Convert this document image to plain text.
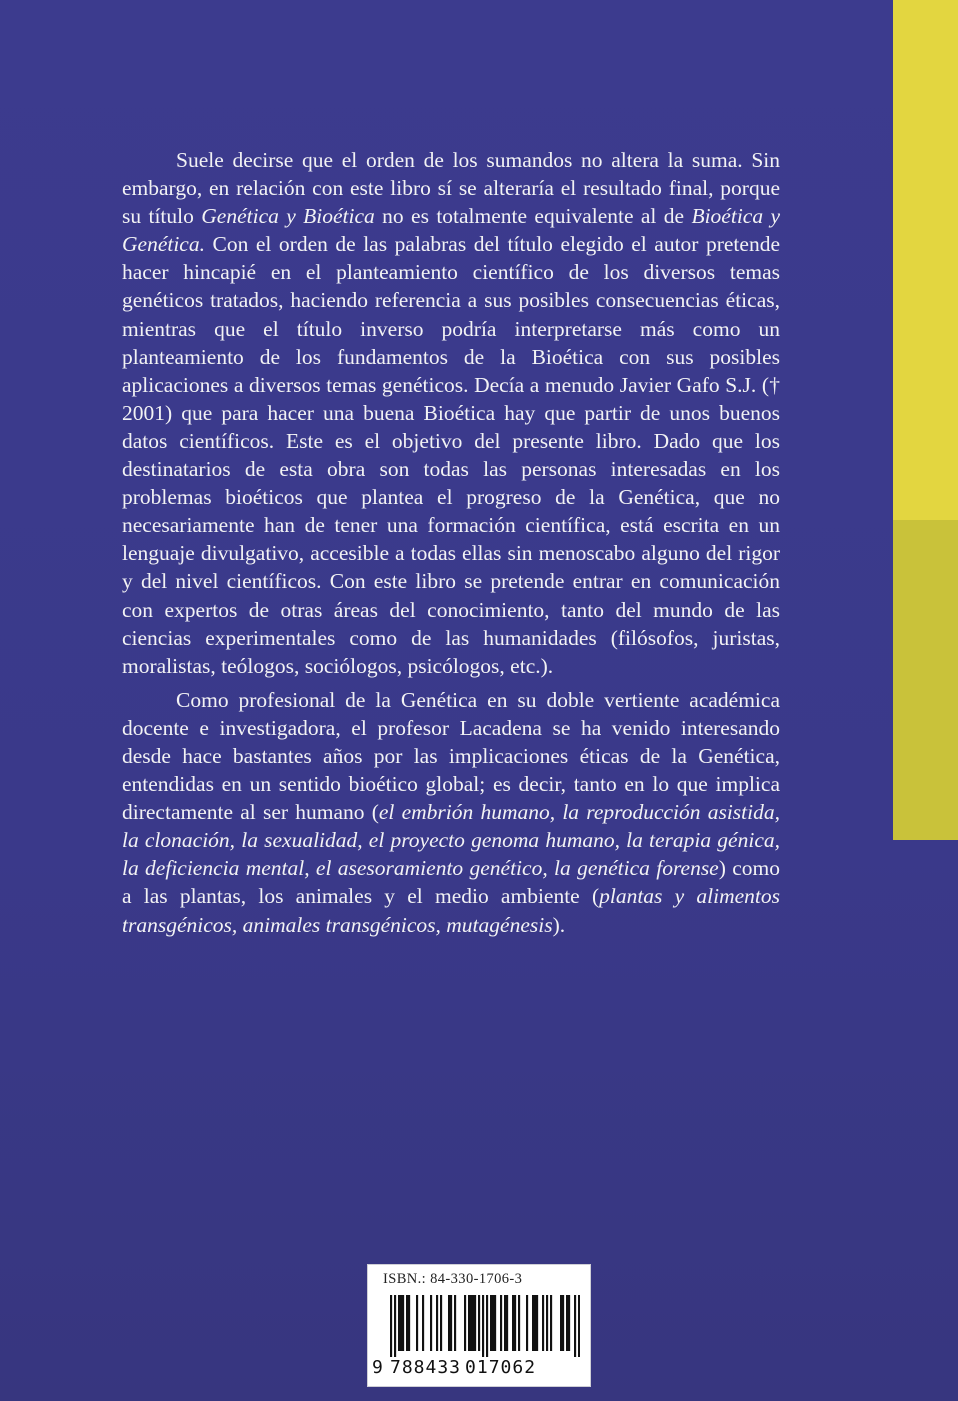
Suele decirse que el orden de los sumandos no altera la suma. Sin embargo, en relación con este libro sí se alteraría el resultado final, porque su título Genética y Bioética no es totalmente equivalente al de Bioética y Genética. Con el orden de las palabras del título elegido el autor pretende hacer hincapié en el planteamiento científico de los diversos temas genéticos tratados, haciendo referencia a sus posibles consecuencias éticas, mientras que el título inverso podría interpretarse más como un planteamiento de los fundamentos de la Bioética con sus posibles aplicaciones a diversos temas genéticos. Decía a menudo Javier Gafo S.J. († 2001) que para hacer una buena Bioética hay que partir de unos buenos datos científicos. Este es el objetivo del presente libro. Dado que los destinatarios de esta obra son todas las personas interesadas en los problemas bioéticos que plantea el progreso de la Genética, que no necesariamente han de tener una formación científica, está escrita en un lenguaje divulgativo, accesible a todas ellas sin menoscabo alguno del rigor y del nivel científicos. Con este libro se pretende entrar en comunicación con expertos de otras áreas del conocimiento, tanto del mundo de las ciencias experimentales como de las humanidades (filósofos, juristas, moralistas, teólogos, sociólogos, psicólogos, etc.).

Como profesional de la Genética en su doble vertiente académica docente e investigadora, el profesor Lacadena se ha venido interesando desde hace bastantes años por las implicaciones éticas de la Genética, entendidas en un sentido bioético global; es decir, tanto en lo que implica directamente al ser humano (el embrión humano, la reproducción asistida, la clonación, la sexualidad, el proyecto genoma humano, la terapia génica, la deficiencia mental, el asesoramiento genético, la genética forense) como a las plantas, los animales y el medio ambiente (plantas y alimentos transgénicos, animales transgénicos, mutagénesis).

ISBN.: 84-330-1706-3
9 788433 017062
